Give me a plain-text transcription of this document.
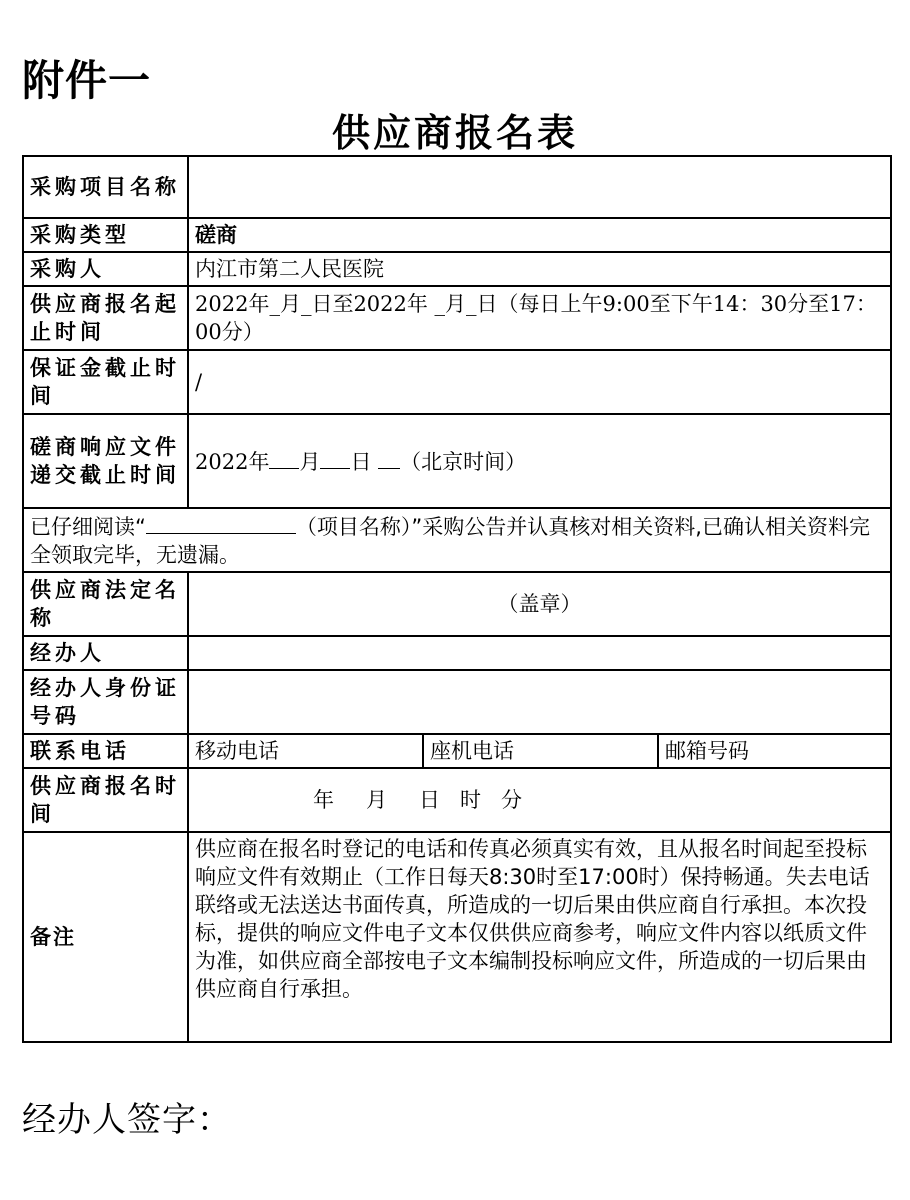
附件一
供应商报名表
采购项目名称			
采购类型	磋商		
采购人	内江市第二人民医院		
供应商报名起止时间	2022年_月_日至2022年 _月_日（每日上午9:00至下午14：30分至17：00分）		
保证金截止时间	/		
磋商响应文件递交截止时间	2022年 月 日 （北京时间）		
已仔细阅读“ （项目名称）”采购公告并认真核对相关资料,已确认相关资料完全领取完毕，无遗漏。			
供应商法定名称	（盖章）		
经办人			
经办人身份证号码			
联系电话	移动电话	座机电话	邮箱号码
供应商报名时间	年 月 日 时 分		
备注	供应商在报名时登记的电话和传真必须真实有效，且从报名时间起至投标响应文件有效期止（工作日每天8:30时至17:00时）保持畅通。失去电话联络或无法送达书面传真，所造成的一切后果由供应商自行承担。本次投标，提供的响应文件电子文本仅供供应商参考，响应文件内容以纸质文件为准，如供应商全部按电子文本编制投标响应文件，所造成的一切后果由供应商自行承担。		
经办人签字：
